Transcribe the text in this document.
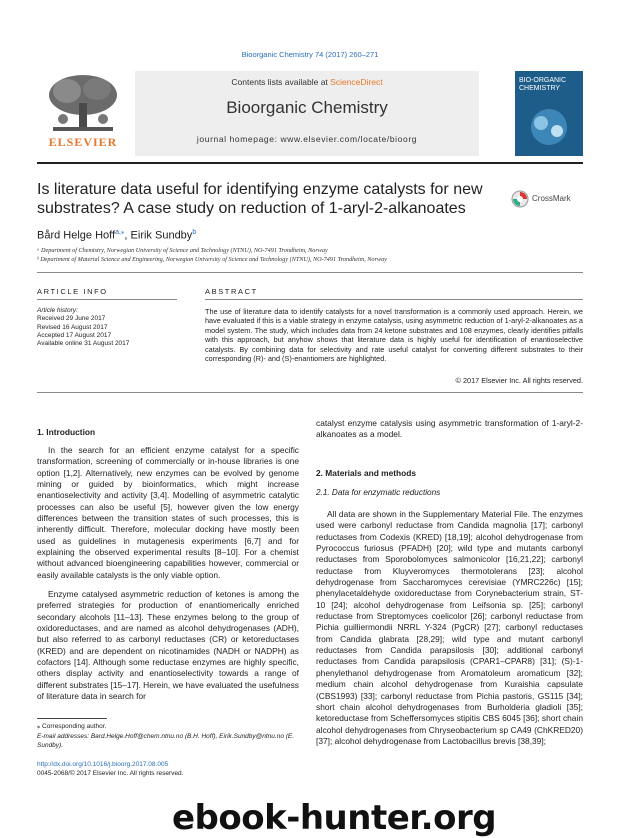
Bioorganic Chemistry 74 (2017) 260–271
ELSEVIER
Contents lists available at ScienceDirect
Bioorganic Chemistry
journal homepage: www.elsevier.com/locate/bioorg
BIO-ORGANIC CHEMISTRY
Is literature data useful for identifying enzyme catalysts for new substrates? A case study on reduction of 1-aryl-2-alkanoates
CrossMark
Bård Helge Hoff$^{a,⁎}$, Eirik Sundby$^b$
ᵃ Department of Chemistry, Norwegian University of Science and Technology (NTNU), NO-7491 Trondheim, Norway
ᵇ Department of Material Science and Engineering, Norwegian University of Science and Technology (NTNU), NO-7491 Trondheim, Norway
ARTICLE INFO
Article history:
Received 29 June 2017
Revised 16 August 2017
Accepted 17 August 2017
Available online 31 August 2017
ABSTRACT
The use of literature data to identify catalysts for a novel transformation is a commonly used approach. Herein, we have evaluated if this is a viable strategy in enzyme catalysis, using asymmetric reduction of 1-aryl-2-alkanoates as a model system. The study, which includes data from 24 ketone substrates and 108 enzymes, clearly identifies pitfalls with this approach, but anyhow shows that literature data is highly useful for identification of enantioselective catalysts. By combining data for selectivity and rate useful catalyst for converting different substrates to their corresponding (R)- and (S)-enantiomers are highlighted.
© 2017 Elsevier Inc. All rights reserved.
1. Introduction
In the search for an efficient enzyme catalyst for a specific transformation, screening of commercially or in-house libraries is one option [1,2]. Alternatively, new enzymes can be evolved by genome mining or guided by bioinformatics, which might increase enantioselectivity and activity [3,4]. Modelling of asymmetric catalytic processes can also be useful [5], however given the low energy differences between the transition states of such processes, this is inherently difficult. Therefore, molecular docking have mostly been used as guidelines in mutagenesis experiments [6,7] and for explaining the observed experimental results [8–10]. For a chemist without advanced bioengineering capabilities however, commercial or easily available catalysts is the only viable option.
Enzyme catalysed asymmetric reduction of ketones is among the preferred strategies for production of enantiomerically enriched secondary alcohols [11–13]. These enzymes belong to the group of oxidoreductases, and are named as alcohol dehydrogenases (ADH), but also referred to as carbonyl reductases (CR) or ketoreductases (KRED) and are dependent on nicotinamides (NADH or NADPH) as cofactors [14]. Although some reductase enzymes are highly specific, others display activity and enantioselectivity towards a range of different substrates [15–17]. Herein, we have evaluated the usefulness of literature data in search for
⁎ Corresponding author.
E-mail addresses: Bard.Helge.Hoff@chem.ntnu.no (B.H. Hoff), Eirik.Sundby@ntnu.no (E. Sundby).
http://dx.doi.org/10.1016/j.bioorg.2017.08.005
0045-2068/© 2017 Elsevier Inc. All rights reserved.
catalyst enzyme catalysis using asymmetric transformation of 1-aryl-2-alkanoates as a model.
2. Materials and methods
2.1. Data for enzymatic reductions
All data are shown in the Supplementary Material File. The enzymes used were carbonyl reductase from Candida magnolia [17]; carbonyl reductases from Codexis (KRED) [18,19]; alcohol dehydrogenase from Pyrococcus furiosus (PFADH) [20]; wild type and mutants carbonyl reductases from Sporobolomyces salmonicolor [16,21,22]; carbonyl reductase from Kluyveromyces thermotolerans [23]; alcohol dehydrogenase from Saccharomyces cerevisiae (YMRC226c) [15]; phenylacetaldehyde oxidoreductase from Corynebacterium strain, ST-10 [24]; alcohol dehydrogenase from Leifsonia sp. [25]; carbonyl reductase from Streptomyces coelicolor [26]; carbonyl reductase from Pichia guilliermondii NRRL Y-324 (PgCR) [27]; carbonyl reductases from Candida glabrata [28,29]; wild type and mutant carbonyl reductases from Candida parapsilosis [30]; additional carbonyl reductases from Candida parapsilosis (CPAR1–CPAR8) [31]; (S)-1-phenylethanol dehydrogenase from Aromatoleum aromaticum [32]; medium chain alcohol dehydrogenase from Kuraishia capsulate (CBS1993) [33]; carbonyl reductase from Pichia pastoris, GS115 [34]; short chain alcohol dehydrogenases from Burholderia gladioli [35]; ketoreductase from Scheffersomyces stipitis CBS 6045 [36]; short chain alcohol dehydrogenases from Chryseobacterium sp CA49 (ChKRED20) [37]; alcohol dehydrogenase from Lactobacillus brevis [38,39];
ebook-hunter.org
